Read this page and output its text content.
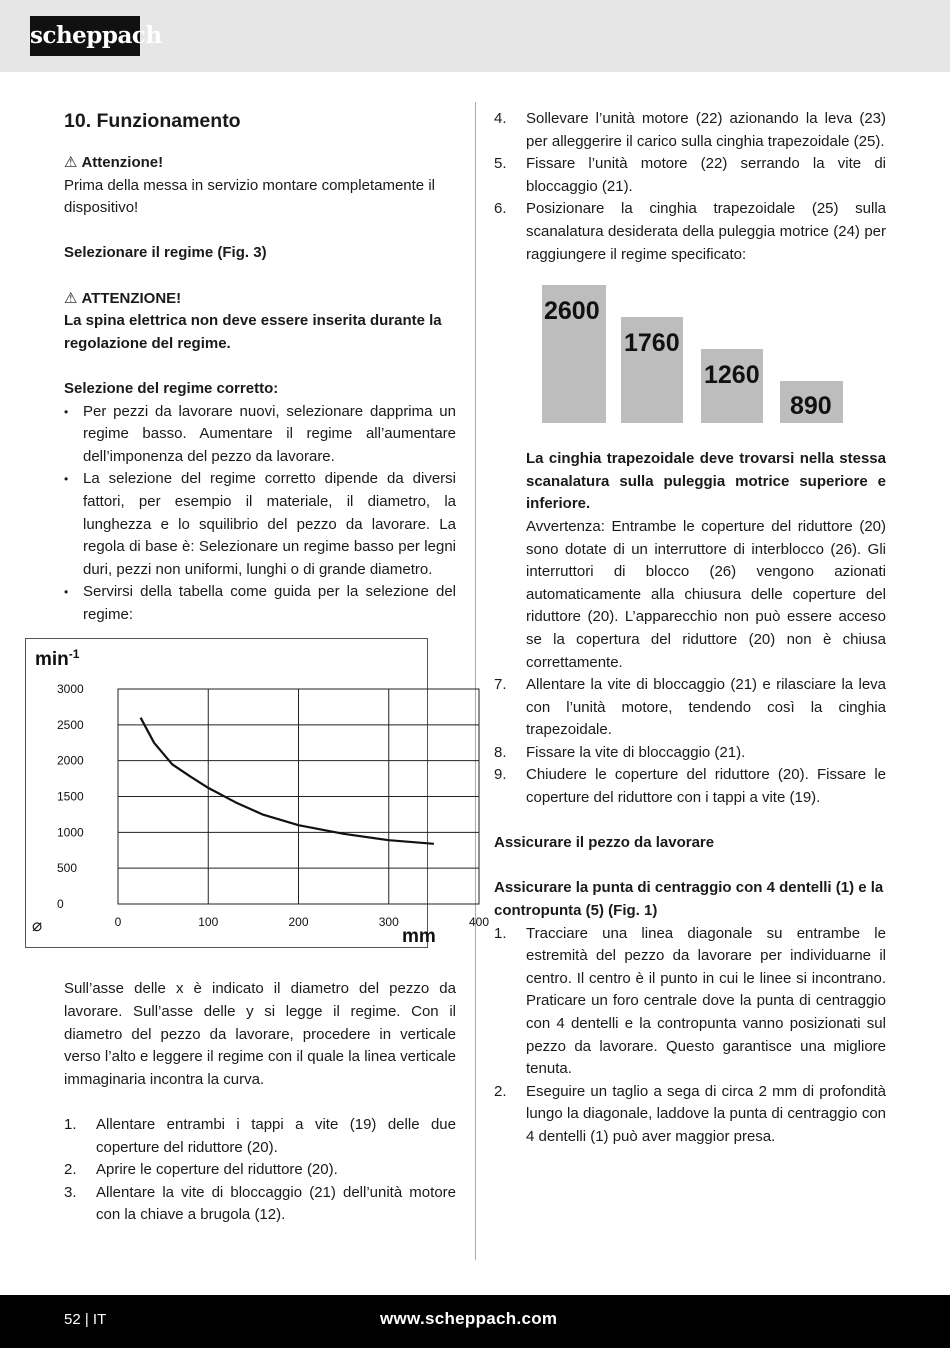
scheppach
10. Funzionamento
⚠ Attenzione!
Prima della messa in servizio montare completamente il dispositivo!
Selezionare il regime (Fig. 3)
⚠ ATTENZIONE!
La spina elettrica non deve essere inserita durante la regolazione del regime.
Selezione del regime corretto:
• Per pezzi da lavorare nuovi, selezionare dapprima un regime basso. Aumentare il regime all’aumentare dell’imponenza del pezzo da lavorare.
• La selezione del regime corretto dipende da diversi fattori, per esempio il materiale, il diametro, la lunghezza e lo squilibrio del pezzo da lavorare. La regola di base è: Selezionare un regime basso per legni duri, pezzi non uniformi, lunghi o di grande diametro.
• Servirsi della tabella come guida per la selezione del regime:
0
500
1000
1500
2000
2500
3000
0	100	200	300	400
$\min^{-1}$
mm
⌀
Sull’asse delle x è indicato il diametro del pezzo da lavorare. Sull’asse delle y si legge il regime. Con il diametro del pezzo da lavorare, procedere in verticale verso l’alto e leggere il regime con il quale la linea verticale immaginaria incontra la curva.
1. Allentare entrambi i tappi a vite (19) delle due coperture del riduttore (20).
2. Aprire le coperture del riduttore (20).
3. Allentare la vite di bloccaggio (21) dell’unità motore con la chiave a brugola (12).
4. Sollevare l’unità motore (22) azionando la leva (23) per alleggerire il carico sulla cinghia trapezoidale (25).
5. Fissare l’unità motore (22) serrando la vite di bloccaggio (21).
6. Posizionare la cinghia trapezoidale (25) sulla scanalatura desiderata della puleggia motrice (24) per raggiungere il regime specificato:
2600
1760
1260
890
La cinghia trapezoidale deve trovarsi nella stessa scanalatura sulla puleggia motrice superiore e inferiore.
Avvertenza: Entrambe le coperture del riduttore (20) sono dotate di un interruttore di interblocco (26). Gli interruttori di blocco (26) vengono azionati automaticamente alla chiusura delle coperture del riduttore (20). L’apparecchio non può essere acceso se la copertura del riduttore (20) non è chiusa correttamente.
7. Allentare la vite di bloccaggio (21) e rilasciare la leva con l’unità motore, tendendo così la cinghia trapezoidale.
8. Fissare la vite di bloccaggio (21).
9. Chiudere le coperture del riduttore (20). Fissare le coperture del riduttore con i tappi a vite (19).
Assicurare il pezzo da lavorare
Assicurare la punta di centraggio con 4 dentelli (1) e la contropunta (5) (Fig. 1)
1. Tracciare una linea diagonale su entrambe le estremità del pezzo da lavorare per individuarne il centro. Il centro è il punto in cui le linee si incontrano. Praticare un foro centrale dove la punta di centraggio con 4 dentelli e la contropunta vanno posizionati sul pezzo da lavorare. Questo garantisce una migliore tenuta.
2. Eseguire un taglio a sega di circa 2 mm di profondità lungo la diagonale, laddove la punta di centraggio con 4 dentelli (1) può aver maggior presa.
52 | IT	www.scheppach.com
